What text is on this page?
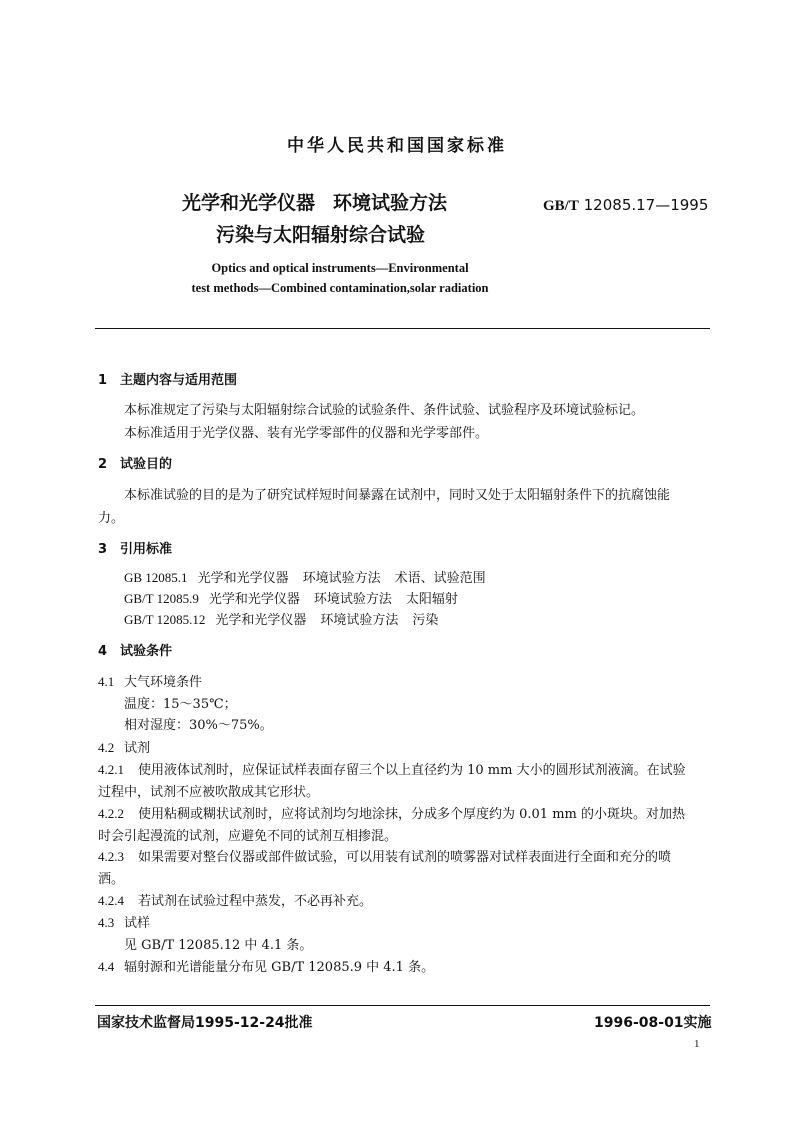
中华人民共和国国家标准
光学和光学仪器 环境试验方法
污染与太阳辐射综合试验
GB/T 12085.17—1995
Optics and optical instruments—Environmental
test methods—Combined contamination,solar radiation
1 主题内容与适用范围
本标准规定了污染与太阳辐射综合试验的试验条件、条件试验、试验程序及环境试验标记。
本标准适用于光学仪器、装有光学零部件的仪器和光学零部件。
2 试验目的
本标准试验的目的是为了研究试样短时间暴露在试剂中，同时又处于太阳辐射条件下的抗腐蚀能
力。
3 引用标准
GB 12085.1 光学和光学仪器 环境试验方法 术语、试验范围
GB/T 12085.9 光学和光学仪器 环境试验方法 太阳辐射
GB/T 12085.12 光学和光学仪器 环境试验方法 污染
4 试验条件
4.1 大气环境条件
温度：15～35℃；
相对湿度：30%～75%。
4.2 试剂
4.2.1 使用液体试剂时，应保证试样表面存留三个以上直径约为 10 mm 大小的圆形试剂液滴。在试验
过程中，试剂不应被吹散成其它形状。
4.2.2 使用粘稠或糊状试剂时，应将试剂均匀地涂抹，分成多个厚度约为 0.01 mm 的小斑块。对加热
时会引起漫流的试剂，应避免不同的试剂互相掺混。
4.2.3 如果需要对整台仪器或部件做试验，可以用装有试剂的喷雾器对试样表面进行全面和充分的喷
洒。
4.2.4 若试剂在试验过程中蒸发，不必再补充。
4.3 试样
见 GB/T 12085.12 中 4.1 条。
4.4 辐射源和光谱能量分布见 GB/T 12085.9 中 4.1 条。
国家技术监督局1995-12-24批准	1996-08-01实施
1
